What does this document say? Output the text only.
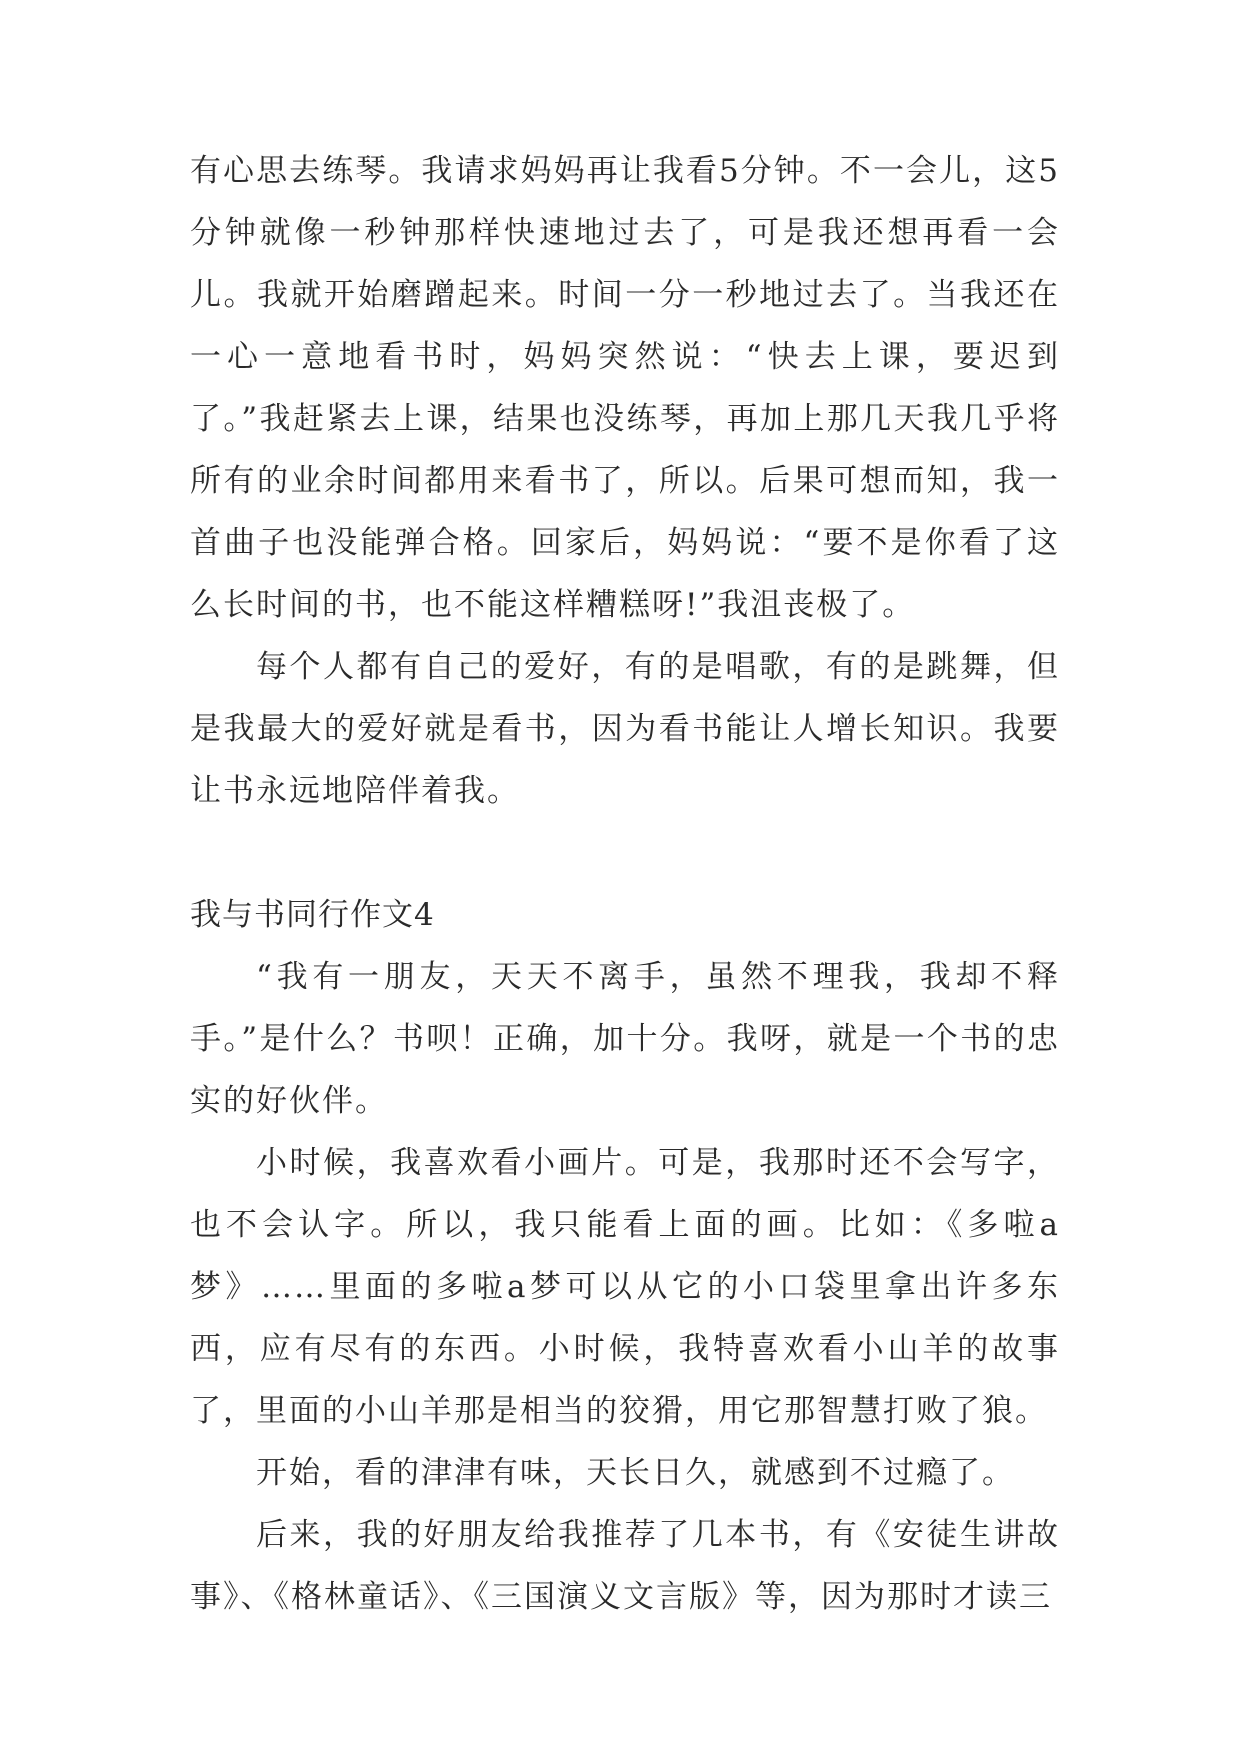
有心思去练琴。我请求妈妈再让我看5分钟。不一会儿，这5分钟就像一秒钟那样快速地过去了，可是我还想再看一会儿。我就开始磨蹭起来。时间一分一秒地过去了。当我还在一心一意地看书时，妈妈突然说：“快去上课，要迟到了。”我赶紧去上课，结果也没练琴，再加上那几天我几乎将所有的业余时间都用来看书了，所以。后果可想而知，我一首曲子也没能弹合格。回家后，妈妈说：“要不是你看了这么长时间的书，也不能这样糟糕呀!”我沮丧极了。

每个人都有自己的爱好，有的是唱歌，有的是跳舞，但是我最大的爱好就是看书，因为看书能让人增长知识。我要让书永远地陪伴着我。

我与书同行作文4

“我有一朋友，天天不离手，虽然不理我，我却不释手。”是什么？书呗！正确，加十分。我呀，就是一个书的忠实的好伙伴。

小时候，我喜欢看小画片。可是，我那时还不会写字，也不会认字。所以，我只能看上面的画。比如：《多啦a梦》……里面的多啦a梦可以从它的小口袋里拿出许多东西，应有尽有的东西。小时候，我特喜欢看小山羊的故事了，里面的小山羊那是相当的狡猾，用它那智慧打败了狼。

开始，看的津津有味，天长日久，就感到不过瘾了。

后来，我的好朋友给我推荐了几本书，有《安徒生讲故事》、《格林童话》、《三国演义文言版》等，因为那时才读三
